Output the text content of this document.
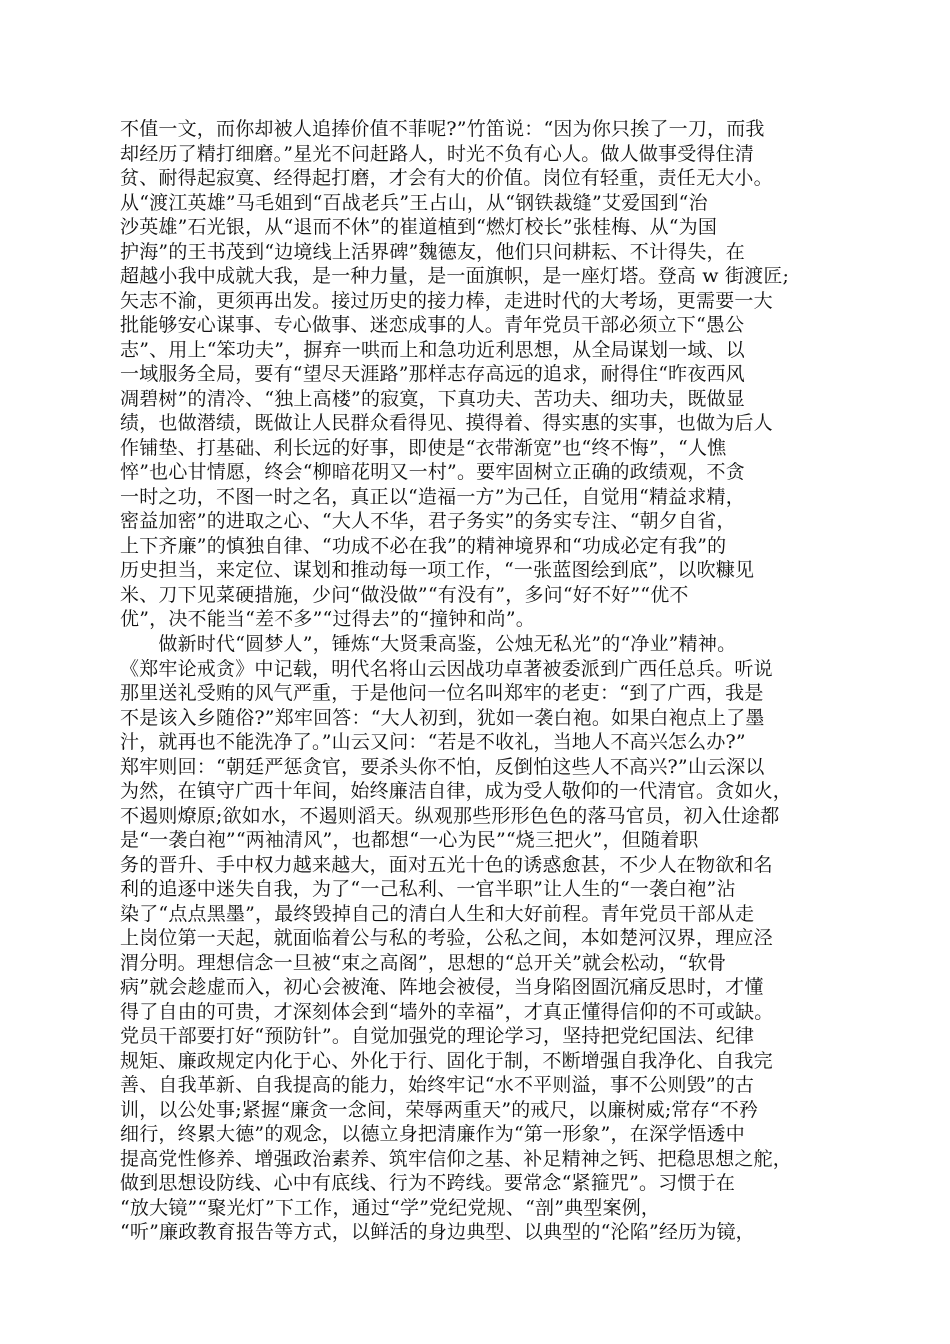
不值一文，而你却被人追捧价值不菲呢?”竹笛说：“因为你只挨了一刀，而我
却经历了精打细磨。”星光不问赶路人，时光不负有心人。做人做事受得住清
贫、耐得起寂寞、经得起打磨，才会有大的价值。岗位有轻重，责任无大小。
从“渡江英雄”马毛姐到“百战老兵”王占山，从“钢铁裁缝”艾爱国到“治
沙英雄”石光银，从“退而不休”的崔道植到“燃灯校长”张桂梅、从“为国
护海”的王书茂到“边境线上活界碑”魏德友，他们只问耕耘、不计得失，在
超越小我中成就大我，是一种力量，是一面旗帜，是一座灯塔。登高 w 街渡匠;
矢志不渝，更须再出发。接过历史的接力棒，走进时代的大考场，更需要一大
批能够安心谋事、专心做事、迷恋成事的人。青年党员干部必须立下“愚公
志”、用上“笨功夫”，摒弃一哄而上和急功近利思想，从全局谋划一域、以
一域服务全局，要有“望尽天涯路”那样志存高远的追求，耐得住“昨夜西风
凋碧树”的清冷、“独上高楼”的寂寞，下真功夫、苦功夫、细功夫，既做显
绩，也做潜绩，既做让人民群众看得见、摸得着、得实惠的实事，也做为后人
作铺垫、打基础、利长远的好事，即使是“衣带渐宽”也“终不悔”，“人憔
悴”也心甘情愿，终会“柳暗花明又一村”。要牢固树立正确的政绩观，不贪
一时之功，不图一时之名，真正以“造福一方”为己任，自觉用“精益求精，
密益加密”的进取之心、“大人不华，君子务实”的务实专注、“朝夕自省，
上下齐廉”的慎独自律、“功成不必在我”的精神境界和“功成必定有我”的
历史担当，来定位、谋划和推动每一项工作，“一张蓝图绘到底”，以吹糠见
米、刀下见菜硬措施，少问“做没做”“有没有”，多问“好不好”“优不
优”，决不能当“差不多”“过得去”的“撞钟和尚”。
　　做新时代“圆梦人”，锤炼“大贤秉高鉴，公烛无私光”的“净业”精神。
《郑牢论戒贪》中记载，明代名将山云因战功卓著被委派到广西任总兵。听说
那里送礼受贿的风气严重，于是他问一位名叫郑牢的老吏：“到了广西，我是
不是该入乡随俗?”郑牢回答：“大人初到，犹如一袭白袍。如果白袍点上了墨
汁，就再也不能洗净了。”山云又问：“若是不收礼，当地人不高兴怎么办?”
郑牢则回：“朝廷严惩贪官，要杀头你不怕，反倒怕这些人不高兴?”山云深以
为然，在镇守广西十年间，始终廉洁自律，成为受人敬仰的一代清官。贪如火，
不遏则燎原;欲如水，不遏则滔天。纵观那些形形色色的落马官员，初入仕途都
是“一袭白袍”“两袖清风”，也都想“一心为民”“烧三把火”，但随着职
务的晋升、手中权力越来越大，面对五光十色的诱惑愈甚，不少人在物欲和名
利的追逐中迷失自我，为了“一己私利、一官半职”让人生的“一袭白袍”沾
染了“点点黑墨”，最终毁掉自己的清白人生和大好前程。青年党员干部从走
上岗位第一天起，就面临着公与私的考验，公私之间，本如楚河汉界，理应泾
渭分明。理想信念一旦被“束之高阁”，思想的“总开关”就会松动，“软骨
病”就会趁虚而入，初心会被淹、阵地会被侵，当身陷囹圄沉痛反思时，才懂
得了自由的可贵，才深刻体会到“墙外的幸福”，才真正懂得信仰的不可或缺。
党员干部要打好“预防针”。自觉加强党的理论学习，坚持把党纪国法、纪律
规矩、廉政规定内化于心、外化于行、固化于制，不断增强自我净化、自我完
善、自我革新、自我提高的能力，始终牢记“水不平则溢，事不公则毁”的古
训，以公处事;紧握“廉贪一念间，荣辱两重天”的戒尺，以廉树威;常存“不矜
细行，终累大德”的观念，以德立身把清廉作为“第一形象”，在深学悟透中
提高党性修养、增强政治素养、筑牢信仰之基、补足精神之钙、把稳思想之舵，
做到思想设防线、心中有底线、行为不跨线。要常念“紧箍咒”。习惯于在
“放大镜”“聚光灯”下工作，通过“学”党纪党规、“剖”典型案例，
“听”廉政教育报告等方式，以鲜活的身边典型、以典型的“沦陷”经历为镜，
